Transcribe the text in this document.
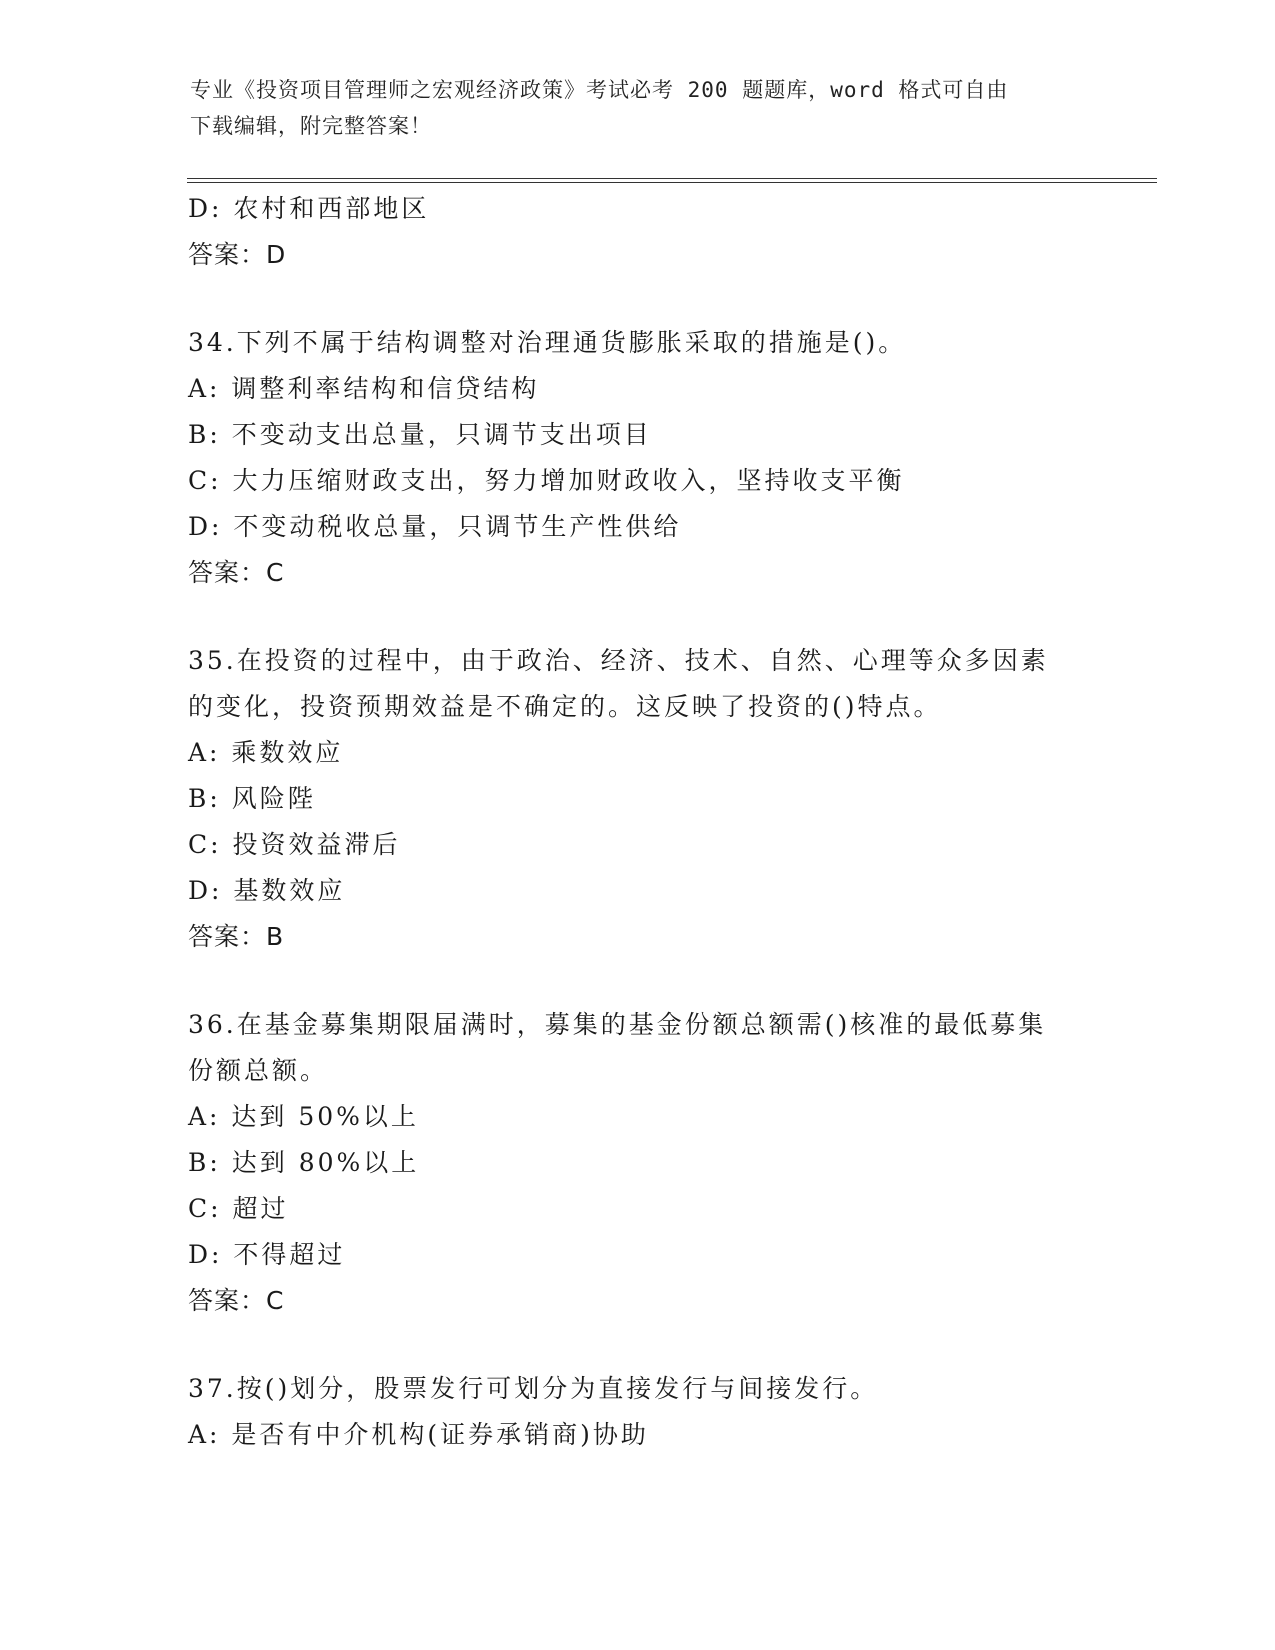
专业《投资项目管理师之宏观经济政策》考试必考 200 题题库，word 格式可自由
下载编辑，附完整答案！
D: 农村和西部地区
答案：D
34.下列不属于结构调整对治理通货膨胀采取的措施是()。
A: 调整利率结构和信贷结构
B: 不变动支出总量，只调节支出项目
C: 大力压缩财政支出，努力增加财政收入，坚持收支平衡
D: 不变动税收总量，只调节生产性供给
答案：C
35.在投资的过程中，由于政治、经济、技术、自然、心理等众多因素
的变化，投资预期效益是不确定的。这反映了投资的()特点。
A: 乘数效应
B: 风险陛
C: 投资效益滞后
D: 基数效应
答案：B
36.在基金募集期限届满时，募集的基金份额总额需()核准的最低募集
份额总额。
A: 达到 50%以上
B: 达到 80%以上
C: 超过
D: 不得超过
答案：C
37.按()划分，股票发行可划分为直接发行与间接发行。
A: 是否有中介机构(证券承销商)协助
